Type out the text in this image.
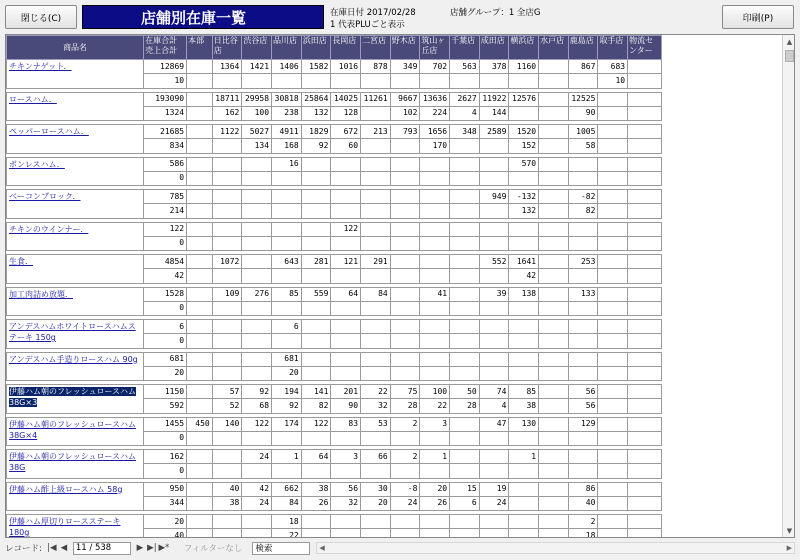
閉じる(C)	店舗別在庫一覧	在庫日付 2017/02/28	店舗グループ：1 全店G
1 代表PLUごと表示
印刷(P)
商品名	在庫合計
売上合計	本部	日比谷店	渋谷店	品川店	浜田店	長岡店	二宮店	野木店	筑山ヶ丘店	千葉店	成田店	横浜店	水戸店	鹿島店	取手店	物流センター
チキンナゲット．	12869		1364	1421	1406	1582	1016	878	349	702	563	378	1160		867	683	
	10															10	

ロースハム．	193090		18711	29958	30818	25864	14025	11261	9667	13636	2627	11922	12576		12525		
	1324		162	100	238	132	128		102	224	4	144			90		

ペッパーロースハム．	21685		1122	5027	4911	1829	672	213	793	1656	348	2589	1520		1005		
	834			134	168	92	60			170			152		58		

ボンレスハム．	586				16								570				
	0																

ベーコンブロック．	785											949	-132		-82		
	214												132		82		

チキンのウインナー．	122						122										
	0																

生食．	4854		1072		643	281	121	291				552	1641		253		
	42												42				

加工肉詰め放題．	1528		109	276	85	559	64	84		41		39	138		133		
	0																

アンデスハムホワイトロースハムステーキ 150g	6				6												
	0																

アンデスハム手造りロースハム 90g	681				681												
	20				20												

伊藤ハム朝のフレッシュロースハム 38G×3	1150		57	92	194	141	201	22	75	100	50	74	85		56		
	592		52	68	92	82	90	32	28	22	28	4	38		56		

伊藤ハム朝のフレッシュロースハム 38G×4	1455	450	140	122	174	122	83	53	2	3		47	130		129		
	0																

伊藤ハム朝のフレッシュロースハム 38G	162			24	1	64	3	66	2	1			1				
	0																

伊藤ハム酢上級ロースハム 58g	950		40	42	662	38	56	30	-8	20	15	19			86		
	344		38	24	84	26	32	20	24	26	6	24			40		

伊藤ハム厚切りロースステーキ 180g	20				18										2		
	40				22										18		

▲
▼
レコード: |◀ ◀
11 / 538	▶ ▶| ▶* フィルターなし
検索	◀	▶
